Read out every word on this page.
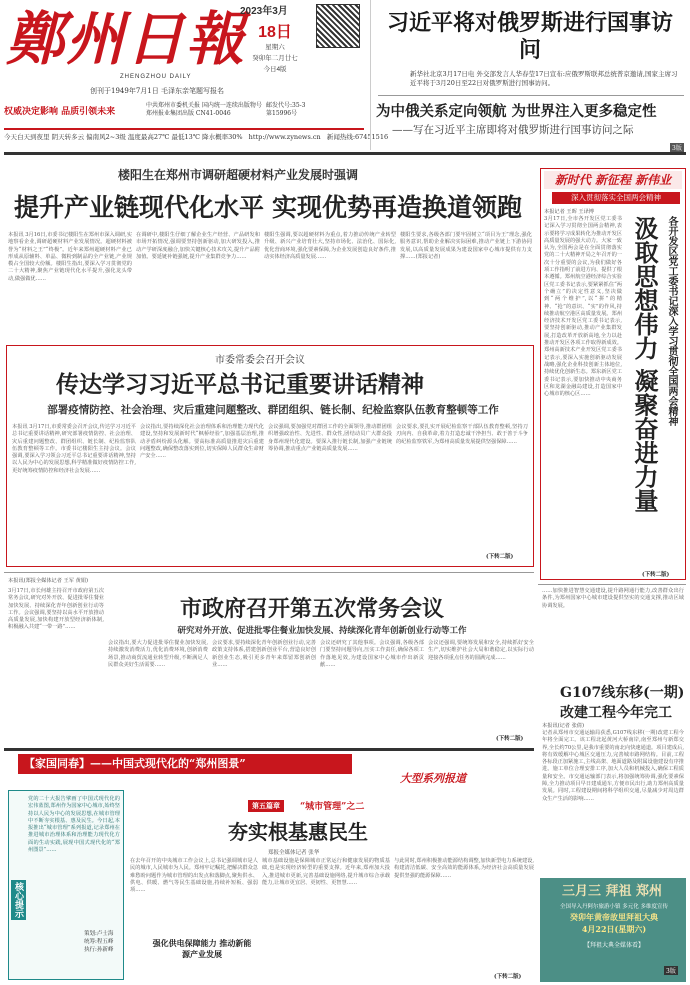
鄭州日報
ZHENGZHOU DAILY
创刊于1949年7月1日 毛泽东亲笔题写报名
2023年3月
18日
星期六
癸卯年二月廿七
今日4版
权威决定影响 品质引领未来
中共郑州市委机关报 国内统一连续出版物号
郑州报业集团出版 CN41-0046
邮发代号:35-3
第15996号
今天白天到夜里 阴天转多云 偏南风2~3级 温度最高27℃ 最低13℃ 降水概率30% http://www.zynews.cn 新闻热线:67451516
习近平将对俄罗斯进行国事访问
新华社北京3月17日电 外交部发言人华春莹17日宣布:应俄罗斯联邦总统普京邀请,国家主席习近平将于3月20日至22日对俄罗斯进行国事访问。
为中俄关系定向领航 为世界注入更多稳定性
——写在习近平主席即将对俄罗斯进行国事访问之际
3版
楼阳生在郑州市调研超硬材料产业发展时强调
提升产业链现代化水平 实现优势再造换道领跑
本报讯 3月16日,市委书记楼阳生在郑州市深入调研,实地察看企业,调研超硬材料产业发展情况。超硬材料被誉为“材料之王”“终极”。近年来郑州超硬材料产业已形成从原辅料、单晶、微粉到制品的全产业链,产业规模占全国较大份额。楼阳生指出,要深入学习贯彻党的二十大精神,聚焦产业链现代化水平提升,强化龙头带动,做强做优……
在调研中,楼阳生仔细了解企业生产经营、产品研发和市场开拓情况,强调要坚持创新驱动,加大研发投入,推动产学研深度融合,加快关键核心技术攻关,提升产品附加值。要延链补链强链,提升产业集群竞争力……
楼阳生强调,要以超硬材料为重点,着力推动传统产业转型升级、新兴产业培育壮大,坚持市场化、法治化、国际化,优化营商环境,强化要素保障,为企业发展创造良好条件,推动实体经济高质量发展……
楼阳生要求,各级各部门要牢固树立“项目为王”理念,强化服务意识,帮助企业解决实际困难,推动产业链上下游协同发展,以高质量发展成果为建设国家中心城市提供有力支撑……(郑报记者)
市委常委会召开会议
传达学习习近平总书记重要讲话精神
部署疫情防控、社会治理、灾后重建问题整改、群团组织、链长制、纪检监察队伍教育整顿等工作
本报讯 3月17日,市委常委会召开会议,传达学习习近平总书记重要讲话精神,研究部署疫情防控、社会治理、灾后重建问题整改、群团组织、链长制、纪检监察队伍教育整顿等工作。市委书记楼阳生主持会议。会议强调,要深入学习领会习近平总书记重要讲话精神,坚持以人民为中心的发展思想,科学精准做好疫情防控工作,更好统筹疫情防控和经济社会发展……
会议指出,要持续深化社会治理体系和治理能力现代化建设,坚持和发展新时代“枫桥经验”,加强基层治理,推动矛盾纠纷源头化解。要高标准高质量推进灾后重建问题整改,确保整改落实到位,切实保障人民群众生命财产安全……
会议强调,要加强党对群团工作的全面领导,推动群团组织增强政治性、先进性、群众性,团结动员广大群众投身郑州现代化建设。要深入推行链长制,加强产业链统筹协调,推动重点产业链高质量发展……
会议要求,要扎实开展纪检监察干部队伍教育整顿,坚持刀刃向内、自我革命,着力打造忠诚干净担当、敢于善于斗争的纪检监察铁军,为郑州高质量发展提供坚强保障……
(下转二版)
新时代 新征程 新伟业
深入贯彻落实全国两会精神
本报记者 王晖 王译博
各开发区党工委书记深入学习贯彻全国两会精神
汲取思想伟力 凝聚奋进力量
3月17日,全市各开发区党工委书记深入学习贯彻全国两会精神,表示要将学习成果转化为推动开发区高质量发展的强大动力。大家一致认为,全国两会是在全面贯彻落实党的二十大精神开局之年召开的一次十分重要的会议,为我们做好各项工作指明了前进方向、提供了根本遵循。郑州航空港经济综合实验区党工委书记表示,要紧紧抓住“两个确立”的决定性意义,坚决做到“两个维护”,以“拼”的精神、“抢”的意识、“实”的作风,持续推动航空港区高质量发展。郑州经济技术开发区党工委书记表示,要坚持创新驱动,推动产业集群发展,打造改革开放新高地,全力以赴推动开发区各项工作取得新成效。郑州高新技术产业开发区党工委书记表示,要深入实施创新驱动发展战略,强化企业科技创新主体地位,持续优化创新生态。郑东新区党工委书记表示,要加快推动中央商务区和龙湖金融岛建设,打造国家中心城市的核心区……
(下转二版)
本报讯(郑报全媒体记者 王军 黄娟)
市政府召开第五次常务会议
研究对外开放、促进批零住餐业加快发展、持续深化青年创新创业行动等工作
3月17日,市长何雄主持召开市政府第五次常务会议,研究对外开放、促进批零住餐业加快发展、持续深化青年创新创业行动等工作。会议强调,要坚持以高水平开放推动高质量发展,加快构建开放型经济新体制,积极融入共建“一带一路”……
会议指出,要大力促进批零住餐业加快发展,持续激发消费活力,优化消费环境,创新消费场景,推动商贸流通业转型升级,不断满足人民群众美好生活需要……
会议要求,要持续深化青年创新创业行动,完善政策支持体系,搭建创新创业平台,营造良好创新创业生态,吸引更多青年来郑留郑创新创业……
会议还研究了其他事项。会议强调,各级各部门要坚持问题导向,压实工作责任,确保各项工作落地见效,为建设国家中心城市作出新贡献……
会议还强调,要统筹发展和安全,持续抓好安全生产,切实维护社会大局和谐稳定,以实际行动迎接各项重点任务的圆满完成……
(下转二版)
G107线东移(一期)
改建工程今年完工
……加快推进智慧交通建设,提升路网通行能力,改善群众出行条件,为郑州国家中心城市建设提供坚实的交通支撑,推动区域协调发展。
本报讯(记者 张倩)
记者从郑州市交通运输局获悉,G107线东移(一期)改建工程今年将全面完工。该工程北起黄河大桥南岸,南至郑州与新郑交界,全长约70公里,是我市重要的南北向快速通道。项目建成后,将有效缓解中心城区交通压力,完善城市路网结构。目前,工程各标段正加紧施工,主线高架、地面道路及附属设施建设有序推进。施工单位合理安排工序,加大人员和机械投入,确保工程质量和安全。市交通运输部门表示,将加强统筹协调,强化要素保障,全力推动项目早日建成通车,方便市民出行,助力郑州高质量发展。同时,工程建设期间将科学组织交通,尽量减少对周边群众生产生活的影响……
【家国同春】——中国式现代化的“郑州图景”
大型系列报道
第五篇章	“城市管理”之二
夯实根基惠民生
郑报全媒体记者 张华
核心提示
党的二十大报告擘画了中国式现代化的宏伟蓝图,郑州作为国家中心城市,始终坚持以人民为中心的发展思想,在城市管理中不断夯实根基、惠及民生。今日起,本报推出“城市管理”系列报道,记录郑州在推进城市治理体系和治理能力现代化方面的生动实践,展现中国式现代化的“郑州图景”……
策划:卢士海
统筹:程五峰
执行:孙新峰
在去年召开的中央城市工作会议上,总书记强调城市是人民的城市,人民城市为人民。郑州牢记嘱托,把解决群众急难愁盼问题作为城市管理的出发点和落脚点,聚焦供水、供电、供暖、燃气等民生基础设施,持续补短板、强弱项……
城市基础设施是保障城市正常运行和健康发展的物质基础,也是实现经济转型的重要支撑。近年来,郑州加大投入,推进城市更新,完善基础设施网络,提升城市综合承载能力,让城市更宜居、更韧性、更智慧……
与此同时,郑州积极推动能源结构调整,加快新型电力系统建设,构建清洁低碳、安全高效的能源体系,为经济社会高质量发展提供坚强的能源保障……
强化供电保障能力 推动新能源产业发展
(下转二版)
三月三 拜祖 郑州
全国导入丹阿尔旅游小镇 多元化 多维度宣传
癸卯年黄帝故里拜祖大典
4月22日(星期六)
【拜祖大典全媒体看】
3版
